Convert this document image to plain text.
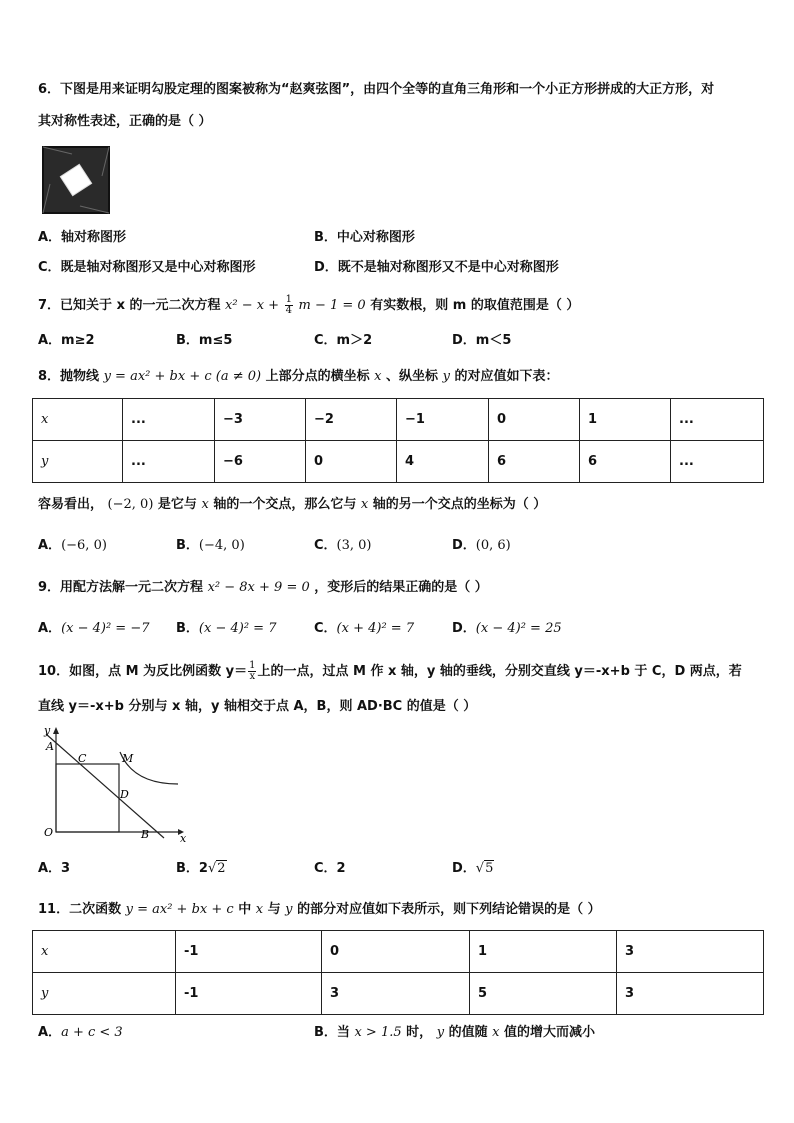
6．下图是用来证明勾股定理的图案被称为“赵爽弦图”，由四个全等的直角三角形和一个小正方形拼成的大正方形，对
其对称性表述，正确的是（ ）
A．轴对称图形	B．中心对称图形
C．既是轴对称图形又是中心对称图形	D．既不是轴对称图形又不是中心对称图形
7．已知关于 x 的一元二次方程 $x^2 - x + \frac{1}{4}$ m − 1 = 0 有实数根，则 m 的取值范围是（ ）
A．m≥2	B．m≤5	C．m＞2	D．m＜5
8．抛物线 y = ax² + bx + c (a ≠ 0) 上部分点的横坐标 x 、纵坐标 y 的对应值如下表：
x	...	−3	−2	−1	0	1	...
y	...	−6	0	4	6	6	...
容易看出， (−2, 0) 是它与 x 轴的一个交点，那么它与 x 轴的另一个交点的坐标为（ ）
A．(−6, 0)	B．(−4, 0)	C．(3, 0)	D．(0, 6)
9．用配方法解一元二次方程 x² − 8x + 9 = 0 ，变形后的结果正确的是（ ）
A．(x − 4)² = −7 B．(x − 4)² = 7	C．(x + 4)² = 7	D．(x − 4)² = 25
10．如图，点 M 为反比例函数 $y= \frac{1}{x}$ 上的一点，过点 M 作 x 轴，y 轴的垂线，分别交直线 y＝-x+b 于 C，D 两点，若
直线 y＝-x+b 分别与 x 轴，y 轴相交于点 A，B，则 AD·BC 的值是（ ）
y
x
A
C	M
D
O	B
A．3	B．2√2	C．2	D．√5
11．二次函数 y = ax² + bx + c 中 x 与 y 的部分对应值如下表所示，则下列结论错误的是（ ）
x	-1	0	1	3
y	-1	3	5	3
A．a + c < 3	B．当 x > 1.5 时， y 的值随 x 值的增大而减小
